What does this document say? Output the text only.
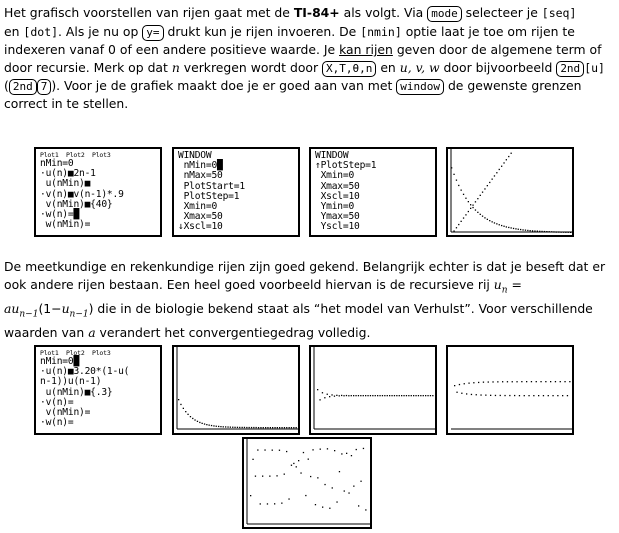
Het grafisch voorstellen van rijen gaat met de TI-84+ als volgt. Via mode selecteer je [seq]
en [dot]. Als je nu op y= drukt kun je rijen invoeren. De [nmin] optie laat je toe om rijen te indexeren vanaf 0 of een andere positieve waarde. Je kan rijen geven door de algemene term of door recursie. Merk op dat n verkregen wordt door X,T,θ,n en u, v, w door bijvoorbeeld 2nd [u] ( 2nd 7 ). Voor je de grafiek maakt doe je er goed aan van met window de gewenste grenzen correct in te stellen.
Plot1  Plot2  Plot3
nMin=0
·u(n)■2n-1
u(nMin)■
·v(n)■v(n-1)*.9
v(nMin)■{40}
·w(n)=█
w(nMin)=
WINDOW
nMin=0█
nMax=50
PlotStart=1
PlotStep=1
Xmin=0
Xmax=50
↓Xscl=10
WINDOW
↑PlotStep=1
Xmin=0
Xmax=50
Xscl=10
Ymin=0
Ymax=50
Yscl=10
De meetkundige en rekenkundige rijen zijn goed gekend. Belangrijk echter is dat je beseft dat er ook andere rijen bestaan. Een heel goed voorbeeld hiervan is de recursieve rij $u_n = au_{n-1}(1-u_{n-1})$ die in de biologie bekend staat als “het model van Verhulst”. Voor verschillende waarden van a verandert het convergentiegedrag volledig.
Plot1  Plot2  Plot3
nMin=0█
·u(n)■3.20*(1-u(
n-1))u(n-1)
u(nMin)■{.3}
·v(n)=
v(nMin)=
·w(n)=
